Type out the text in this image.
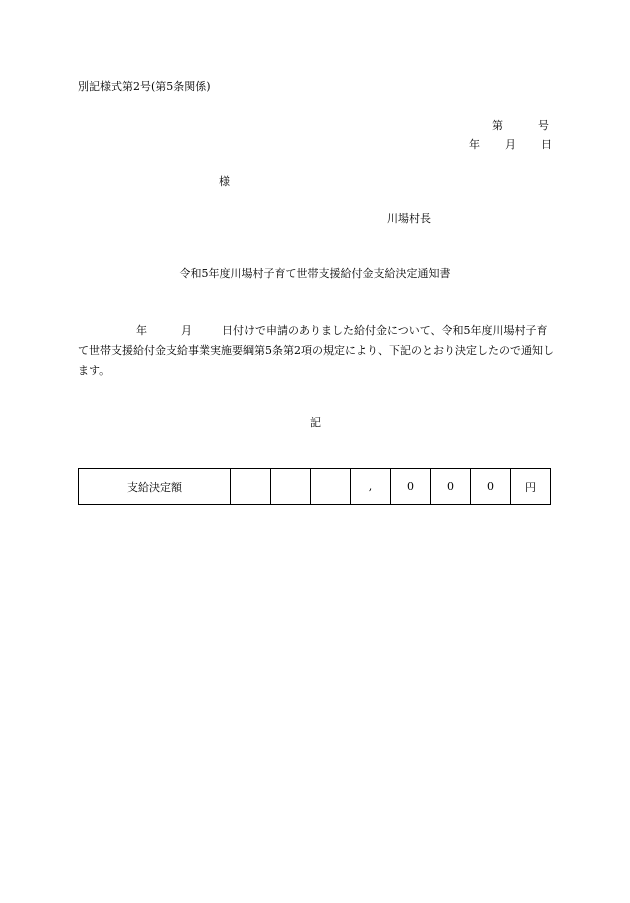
別記様式第2号(第5条関係)
第	号
年 月 日
様
川場村長
令和5年度川場村子育て世帯支援給付金支給決定通知書
年	月	日付けで申請のありました給付金について、令和5年度川場村子育て世帯支援給付金支給事業実施要綱第5条第2項の規定により、下記のとおり決定したので通知します。
記
支給決定額				,	0	0	0	円
